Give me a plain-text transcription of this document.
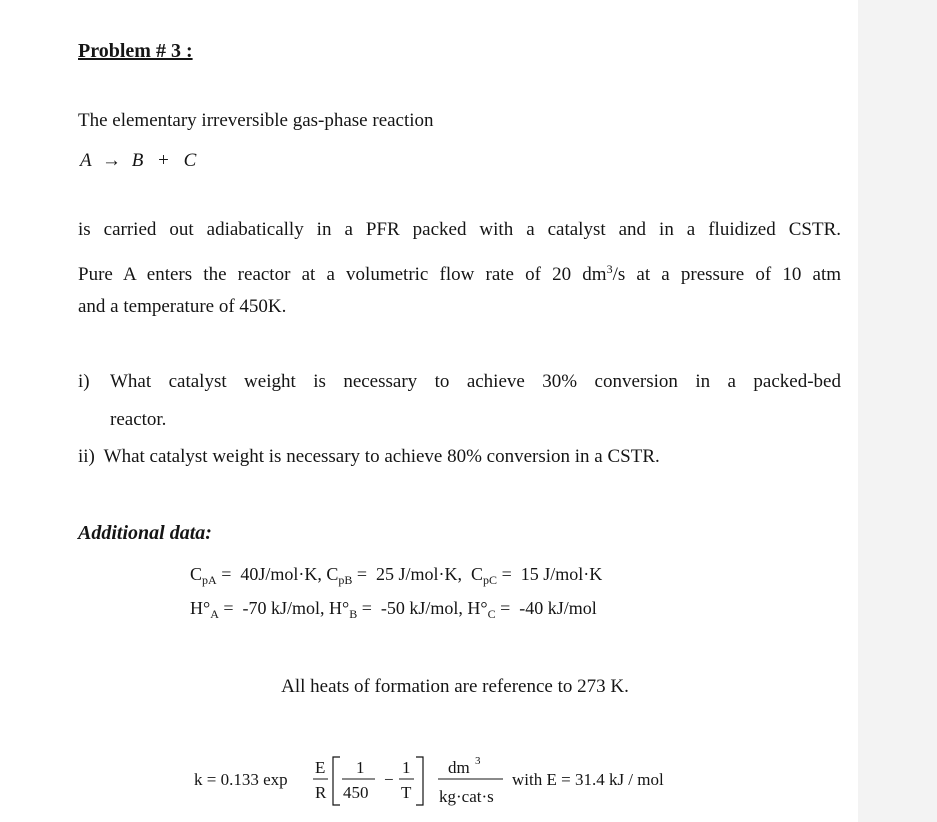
Problem # 3 :
The elementary irreversible gas-phase reaction
A → B + C
is carried out adiabatically in a PFR packed with a catalyst and in a fluidized CSTR.
Pure A enters the reactor at a volumetric flow rate of 20 $dm^3/s$ at a pressure of 10 atm
and a temperature of 450K.
i) What catalyst weight is necessary to achieve 30% conversion in a packed-bed
reactor.
ii) What catalyst weight is necessary to achieve 80% conversion in a CSTR.
Additional data:
$C_{pA} = 40J/mol\cdot K$, $C_{pB} = 25$ J/mol·K,  $C_{pC} = 15$ J/mol·K
$H^\circ_A = -70$ kJ/mol, $H^\circ_B = -50$ kJ/mol, $H^\circ_C = -40$ kJ/mol
All heats of formation are reference to 273 K.
k = 0.133 exp
E
R
1
450
−
1
T
dm 3
kg·cat·s
with E = 31.4 kJ / mol
